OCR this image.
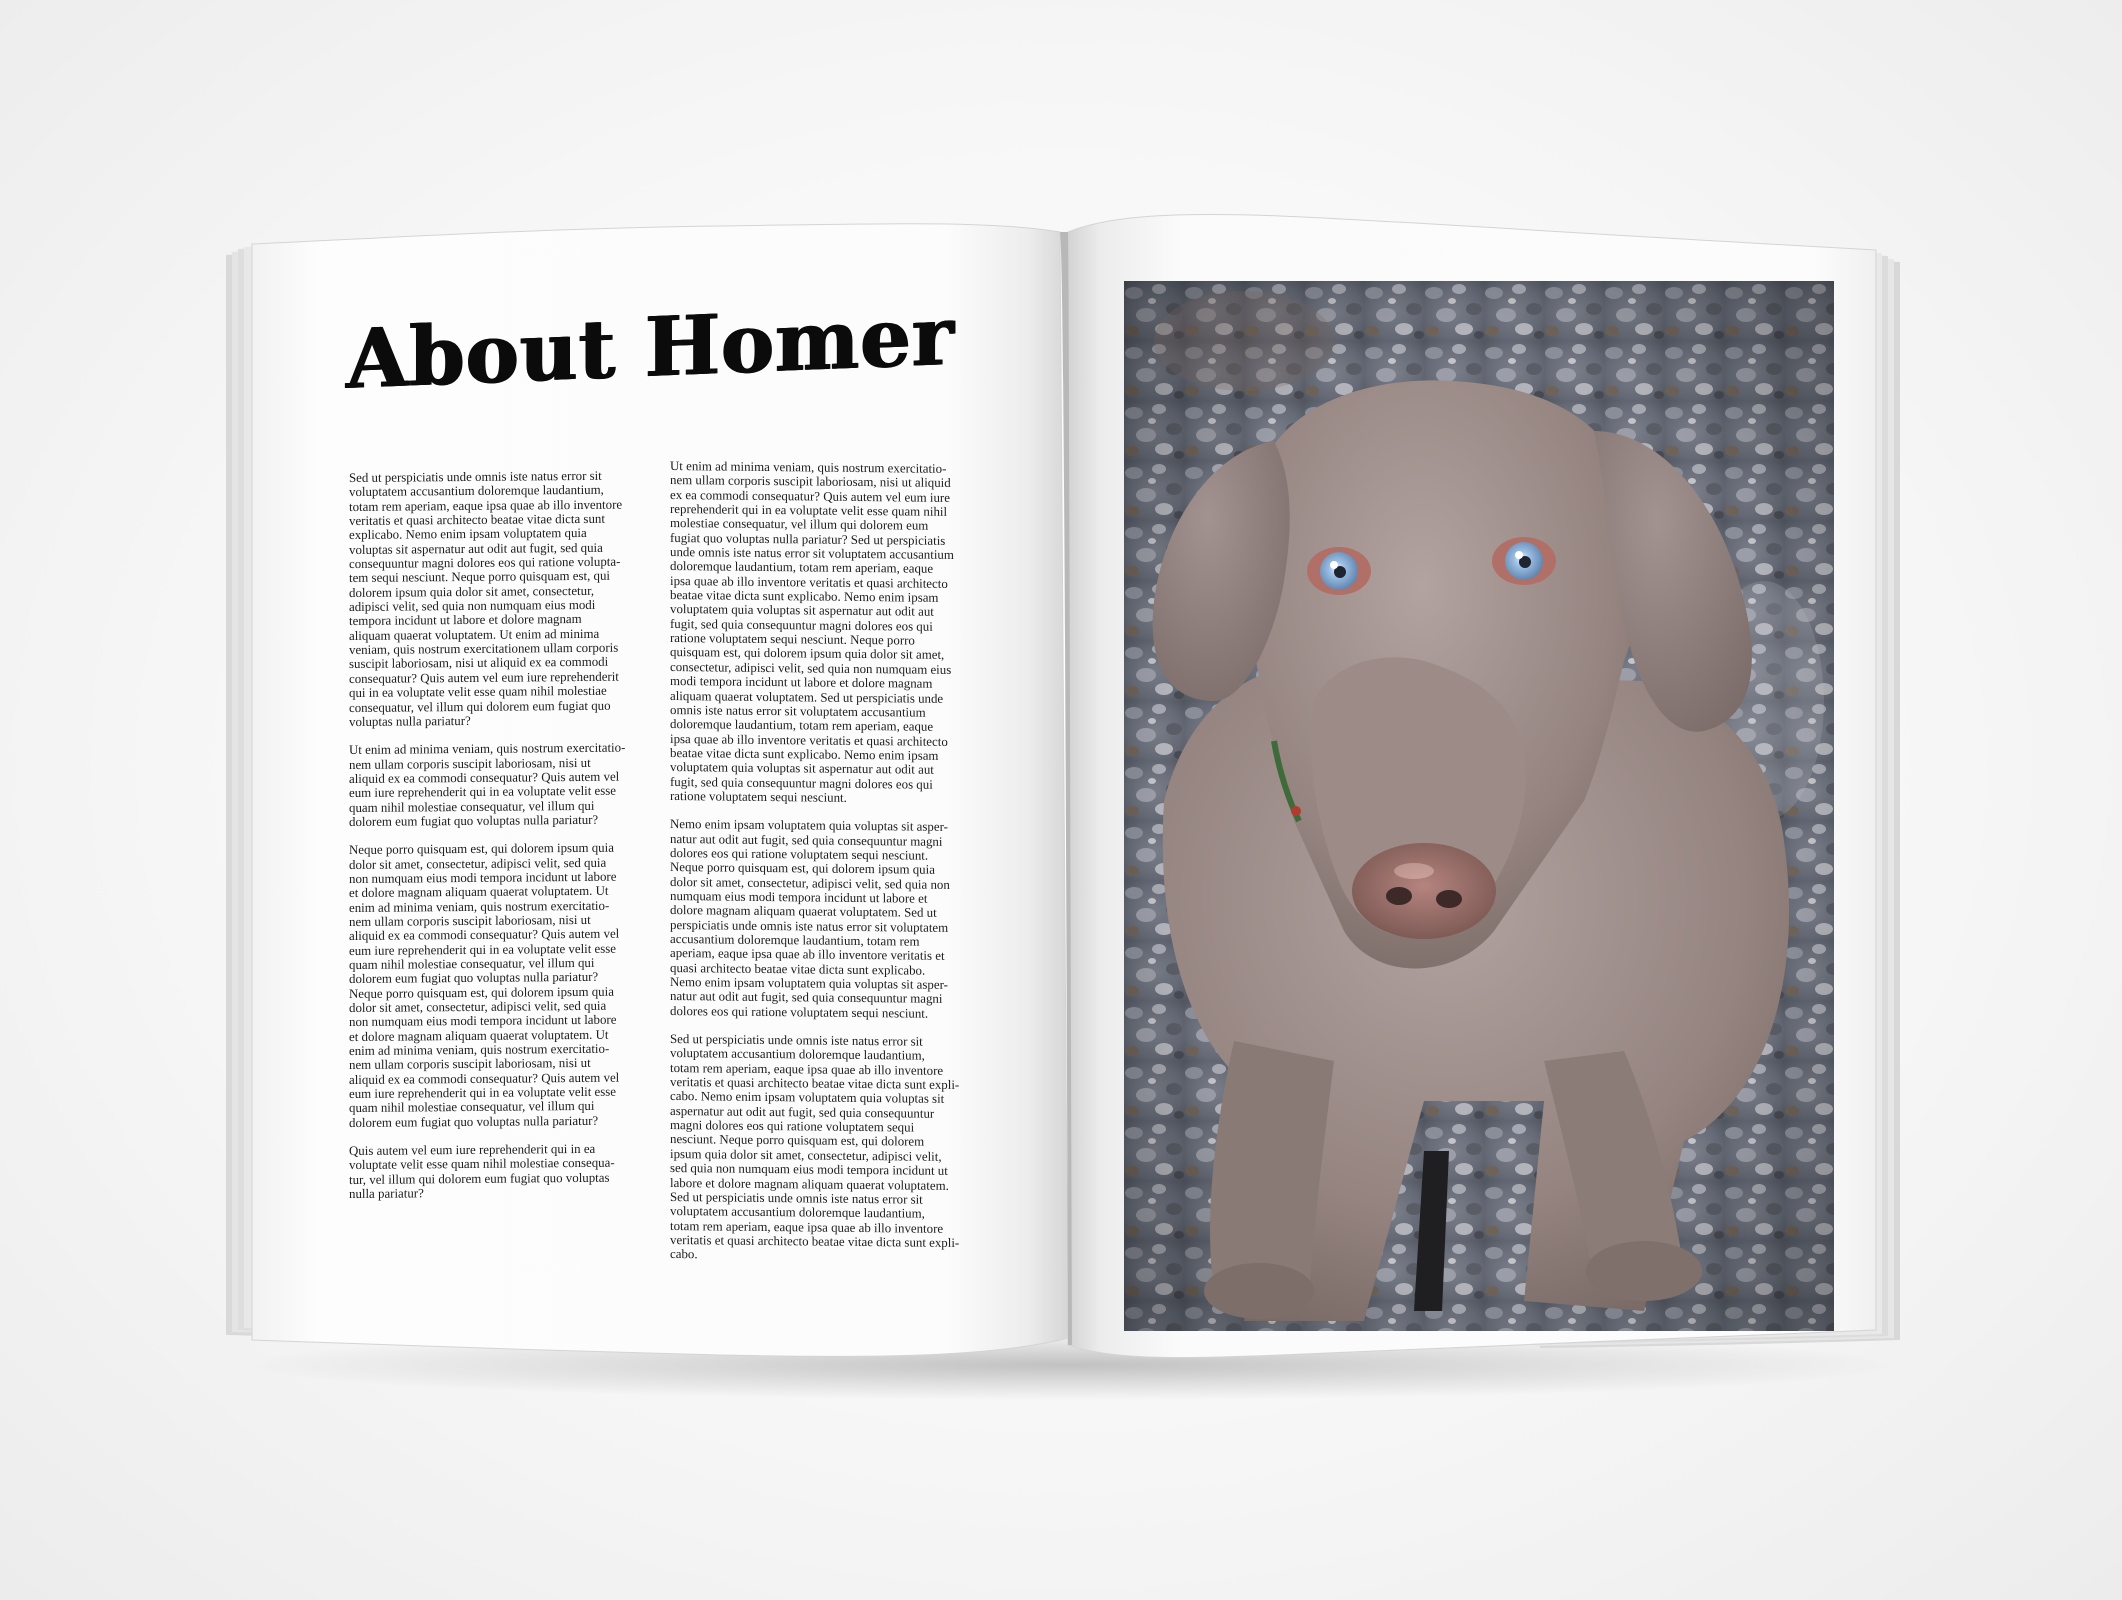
About Homer

Sed ut perspiciatis unde omnis iste natus error sit
voluptatem accusantium doloremque laudantium,
totam rem aperiam, eaque ipsa quae ab illo inventore
veritatis et quasi architecto beatae vitae dicta sunt
explicabo. Nemo enim ipsam voluptatem quia
voluptas sit aspernatur aut odit aut fugit, sed quia
consequuntur magni dolores eos qui ratione volupta-
tem sequi nesciunt. Neque porro quisquam est, qui
dolorem ipsum quia dolor sit amet, consectetur,
adipisci velit, sed quia non numquam eius modi
tempora incidunt ut labore et dolore magnam
aliquam quaerat voluptatem. Ut enim ad minima
veniam, quis nostrum exercitationem ullam corporis
suscipit laboriosam, nisi ut aliquid ex ea commodi
consequatur? Quis autem vel eum iure reprehenderit
qui in ea voluptate velit esse quam nihil molestiae
consequatur, vel illum qui dolorem eum fugiat quo
voluptas nulla pariatur?

Ut enim ad minima veniam, quis nostrum exercitatio-
nem ullam corporis suscipit laboriosam, nisi ut
aliquid ex ea commodi consequatur? Quis autem vel
eum iure reprehenderit qui in ea voluptate velit esse
quam nihil molestiae consequatur, vel illum qui
dolorem eum fugiat quo voluptas nulla pariatur?

Neque porro quisquam est, qui dolorem ipsum quia
dolor sit amet, consectetur, adipisci velit, sed quia
non numquam eius modi tempora incidunt ut labore
et dolore magnam aliquam quaerat voluptatem. Ut
enim ad minima veniam, quis nostrum exercitatio-
nem ullam corporis suscipit laboriosam, nisi ut
aliquid ex ea commodi consequatur? Quis autem vel
eum iure reprehenderit qui in ea voluptate velit esse
quam nihil molestiae consequatur, vel illum qui
dolorem eum fugiat quo voluptas nulla pariatur?
Neque porro quisquam est, qui dolorem ipsum quia
dolor sit amet, consectetur, adipisci velit, sed quia
non numquam eius modi tempora incidunt ut labore
et dolore magnam aliquam quaerat voluptatem. Ut
enim ad minima veniam, quis nostrum exercitatio-
nem ullam corporis suscipit laboriosam, nisi ut
aliquid ex ea commodi consequatur? Quis autem vel
eum iure reprehenderit qui in ea voluptate velit esse
quam nihil molestiae consequatur, vel illum qui
dolorem eum fugiat quo voluptas nulla pariatur?

Quis autem vel eum iure reprehenderit qui in ea
voluptate velit esse quam nihil molestiae consequa-
tur, vel illum qui dolorem eum fugiat quo voluptas
nulla pariatur?

Ut enim ad minima veniam, quis nostrum exercitatio-
nem ullam corporis suscipit laboriosam, nisi ut aliquid
ex ea commodi consequatur? Quis autem vel eum iure
reprehenderit qui in ea voluptate velit esse quam nihil
molestiae consequatur, vel illum qui dolorem eum
fugiat quo voluptas nulla pariatur? Sed ut perspiciatis
unde omnis iste natus error sit voluptatem accusantium
doloremque laudantium, totam rem aperiam, eaque
ipsa quae ab illo inventore veritatis et quasi architecto
beatae vitae dicta sunt explicabo. Nemo enim ipsam
voluptatem quia voluptas sit aspernatur aut odit aut
fugit, sed quia consequuntur magni dolores eos qui
ratione voluptatem sequi nesciunt. Neque porro
quisquam est, qui dolorem ipsum quia dolor sit amet,
consectetur, adipisci velit, sed quia non numquam eius
modi tempora incidunt ut labore et dolore magnam
aliquam quaerat voluptatem. Sed ut perspiciatis unde
omnis iste natus error sit voluptatem accusantium
doloremque laudantium, totam rem aperiam, eaque
ipsa quae ab illo inventore veritatis et quasi architecto
beatae vitae dicta sunt explicabo. Nemo enim ipsam
voluptatem quia voluptas sit aspernatur aut odit aut
fugit, sed quia consequuntur magni dolores eos qui
ratione voluptatem sequi nesciunt.

Nemo enim ipsam voluptatem quia voluptas sit asper-
natur aut odit aut fugit, sed quia consequuntur magni
dolores eos qui ratione voluptatem sequi nesciunt.
Neque porro quisquam est, qui dolorem ipsum quia
dolor sit amet, consectetur, adipisci velit, sed quia non
numquam eius modi tempora incidunt ut labore et
dolore magnam aliquam quaerat voluptatem. Sed ut
perspiciatis unde omnis iste natus error sit voluptatem
accusantium doloremque laudantium, totam rem
aperiam, eaque ipsa quae ab illo inventore veritatis et
quasi architecto beatae vitae dicta sunt explicabo.
Nemo enim ipsam voluptatem quia voluptas sit asper-
natur aut odit aut fugit, sed quia consequuntur magni
dolores eos qui ratione voluptatem sequi nesciunt.

Sed ut perspiciatis unde omnis iste natus error sit
voluptatem accusantium doloremque laudantium,
totam rem aperiam, eaque ipsa quae ab illo inventore
veritatis et quasi architecto beatae vitae dicta sunt expli-
cabo. Nemo enim ipsam voluptatem quia voluptas sit
aspernatur aut odit aut fugit, sed quia consequuntur
magni dolores eos qui ratione voluptatem sequi
nesciunt. Neque porro quisquam est, qui dolorem
ipsum quia dolor sit amet, consectetur, adipisci velit,
sed quia non numquam eius modi tempora incidunt ut
labore et dolore magnam aliquam quaerat voluptatem.
Sed ut perspiciatis unde omnis iste natus error sit
voluptatem accusantium doloremque laudantium,
totam rem aperiam, eaque ipsa quae ab illo inventore
veritatis et quasi architecto beatae vitae dicta sunt expli-
cabo.
